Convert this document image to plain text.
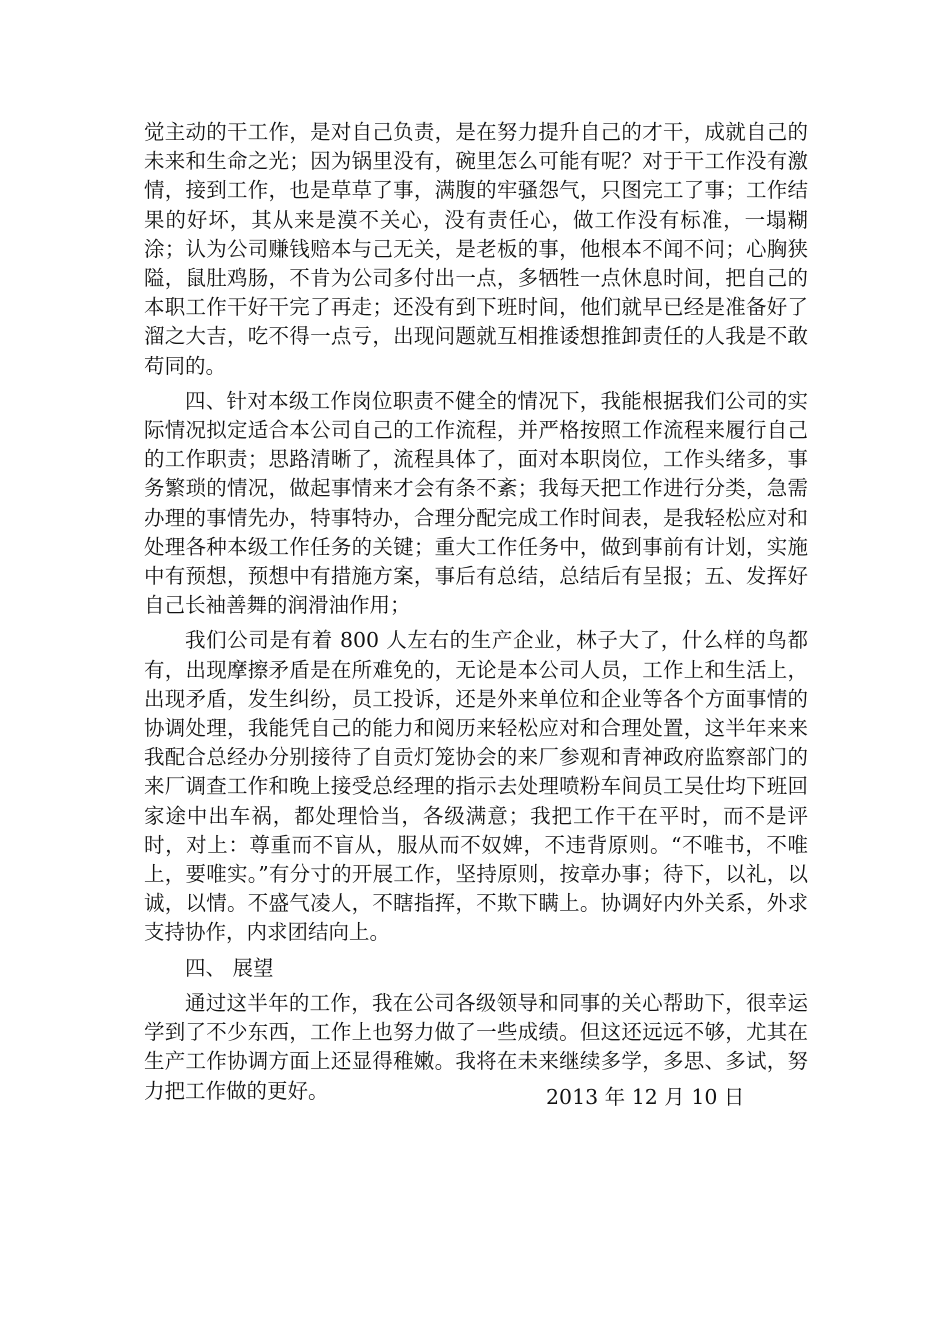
觉主动的干工作，是对自己负责，是在努力提升自己的才干，成就自己的未来和生命之光；因为锅里没有，碗里怎么可能有呢？对于干工作没有激情，接到工作，也是草草了事，满腹的牢骚怨气，只图完工了事；工作结果的好坏，其从来是漠不关心，没有责任心，做工作没有标准，一塌糊涂；认为公司赚钱赔本与己无关，是老板的事，他根本不闻不问；心胸狭隘，鼠肚鸡肠，不肯为公司多付出一点，多牺牲一点休息时间，把自己的本职工作干好干完了再走；还没有到下班时间，他们就早已经是准备好了溜之大吉，吃不得一点亏，出现问题就互相推诿想推卸责任的人我是不敢苟同的。

四、针对本级工作岗位职责不健全的情况下，我能根据我们公司的实际情况拟定适合本公司自己的工作流程，并严格按照工作流程来履行自己的工作职责；思路清晰了，流程具体了，面对本职岗位，工作头绪多，事务繁琐的情况，做起事情来才会有条不紊；我每天把工作进行分类，急需办理的事情先办，特事特办，合理分配完成工作时间表，是我轻松应对和处理各种本级工作任务的关键；重大工作任务中，做到事前有计划，实施中有预想，预想中有措施方案，事后有总结，总结后有呈报；五、发挥好自己长袖善舞的润滑油作用；

我们公司是有着 800 人左右的生产企业，林子大了，什么样的鸟都有，出现摩擦矛盾是在所难免的，无论是本公司人员，工作上和生活上，出现矛盾，发生纠纷，员工投诉，还是外来单位和企业等各个方面事情的协调处理，我能凭自己的能力和阅历来轻松应对和合理处置，这半年来来我配合总经办分别接待了自贡灯笼协会的来厂参观和青神政府监察部门的来厂调查工作和晚上接受总经理的指示去处理喷粉车间员工吴仕均下班回家途中出车祸，都处理恰当，各级满意；我把工作干在平时，而不是评时，对上：尊重而不盲从，服从而不奴婢，不违背原则。“不唯书，不唯上，要唯实。”有分寸的开展工作，坚持原则，按章办事；待下，以礼，以诚，以情。不盛气凌人，不瞎指挥，不欺下瞒上。协调好内外关系，外求支持协作，内求团结向上。

四、 展望

通过这半年的工作，我在公司各级领导和同事的关心帮助下，很幸运学到了不少东西，工作上也努力做了一些成绩。但这还远远不够，尤其在生产工作协调方面上还显得稚嫩。我将在未来继续多学，多思、多试，努力把工作做的更好。	2013 年 12 月 10 日
